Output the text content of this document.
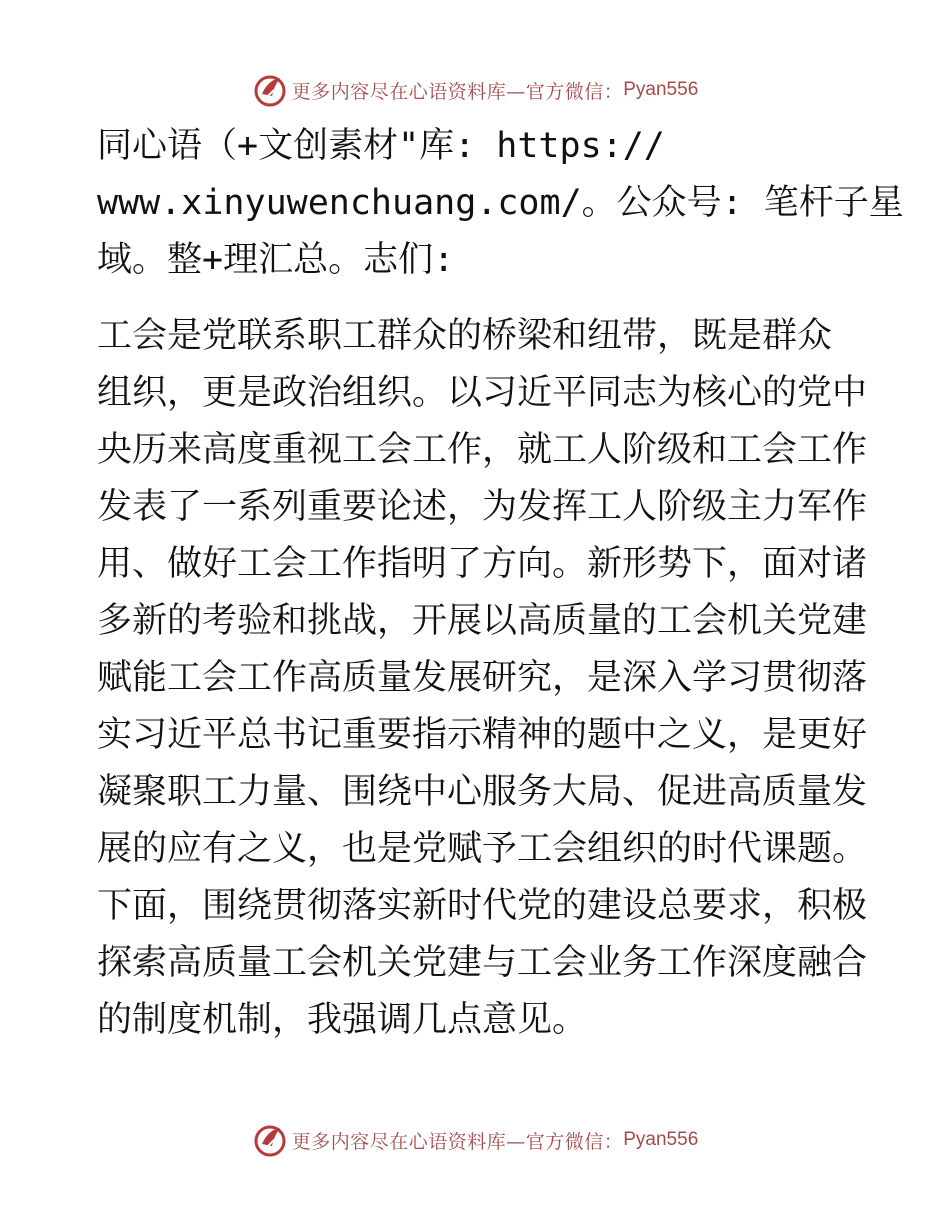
更多内容尽在心语资料库—官方微信： Pyan556
同心语（+文创素材"库: https://
www.xinyuwenchuang.com/。公众号: 笔杆子星
域。整+理汇总。志们:
工会是党联系职工群众的桥梁和纽带，既是群众
组织，更是政治组织。以习近平同志为核心的党中
央历来高度重视工会工作，就工人阶级和工会工作
发表了一系列重要论述，为发挥工人阶级主力军作
用、做好工会工作指明了方向。新形势下，面对诸
多新的考验和挑战，开展以高质量的工会机关党建
赋能工会工作高质量发展研究，是深入学习贯彻落
实习近平总书记重要指示精神的题中之义，是更好
凝聚职工力量、围绕中心服务大局、促进高质量发
展的应有之义，也是党赋予工会组织的时代课题。
下面，围绕贯彻落实新时代党的建设总要求，积极
探索高质量工会机关党建与工会业务工作深度融合
的制度机制，我强调几点意见。
更多内容尽在心语资料库—官方微信： Pyan556
